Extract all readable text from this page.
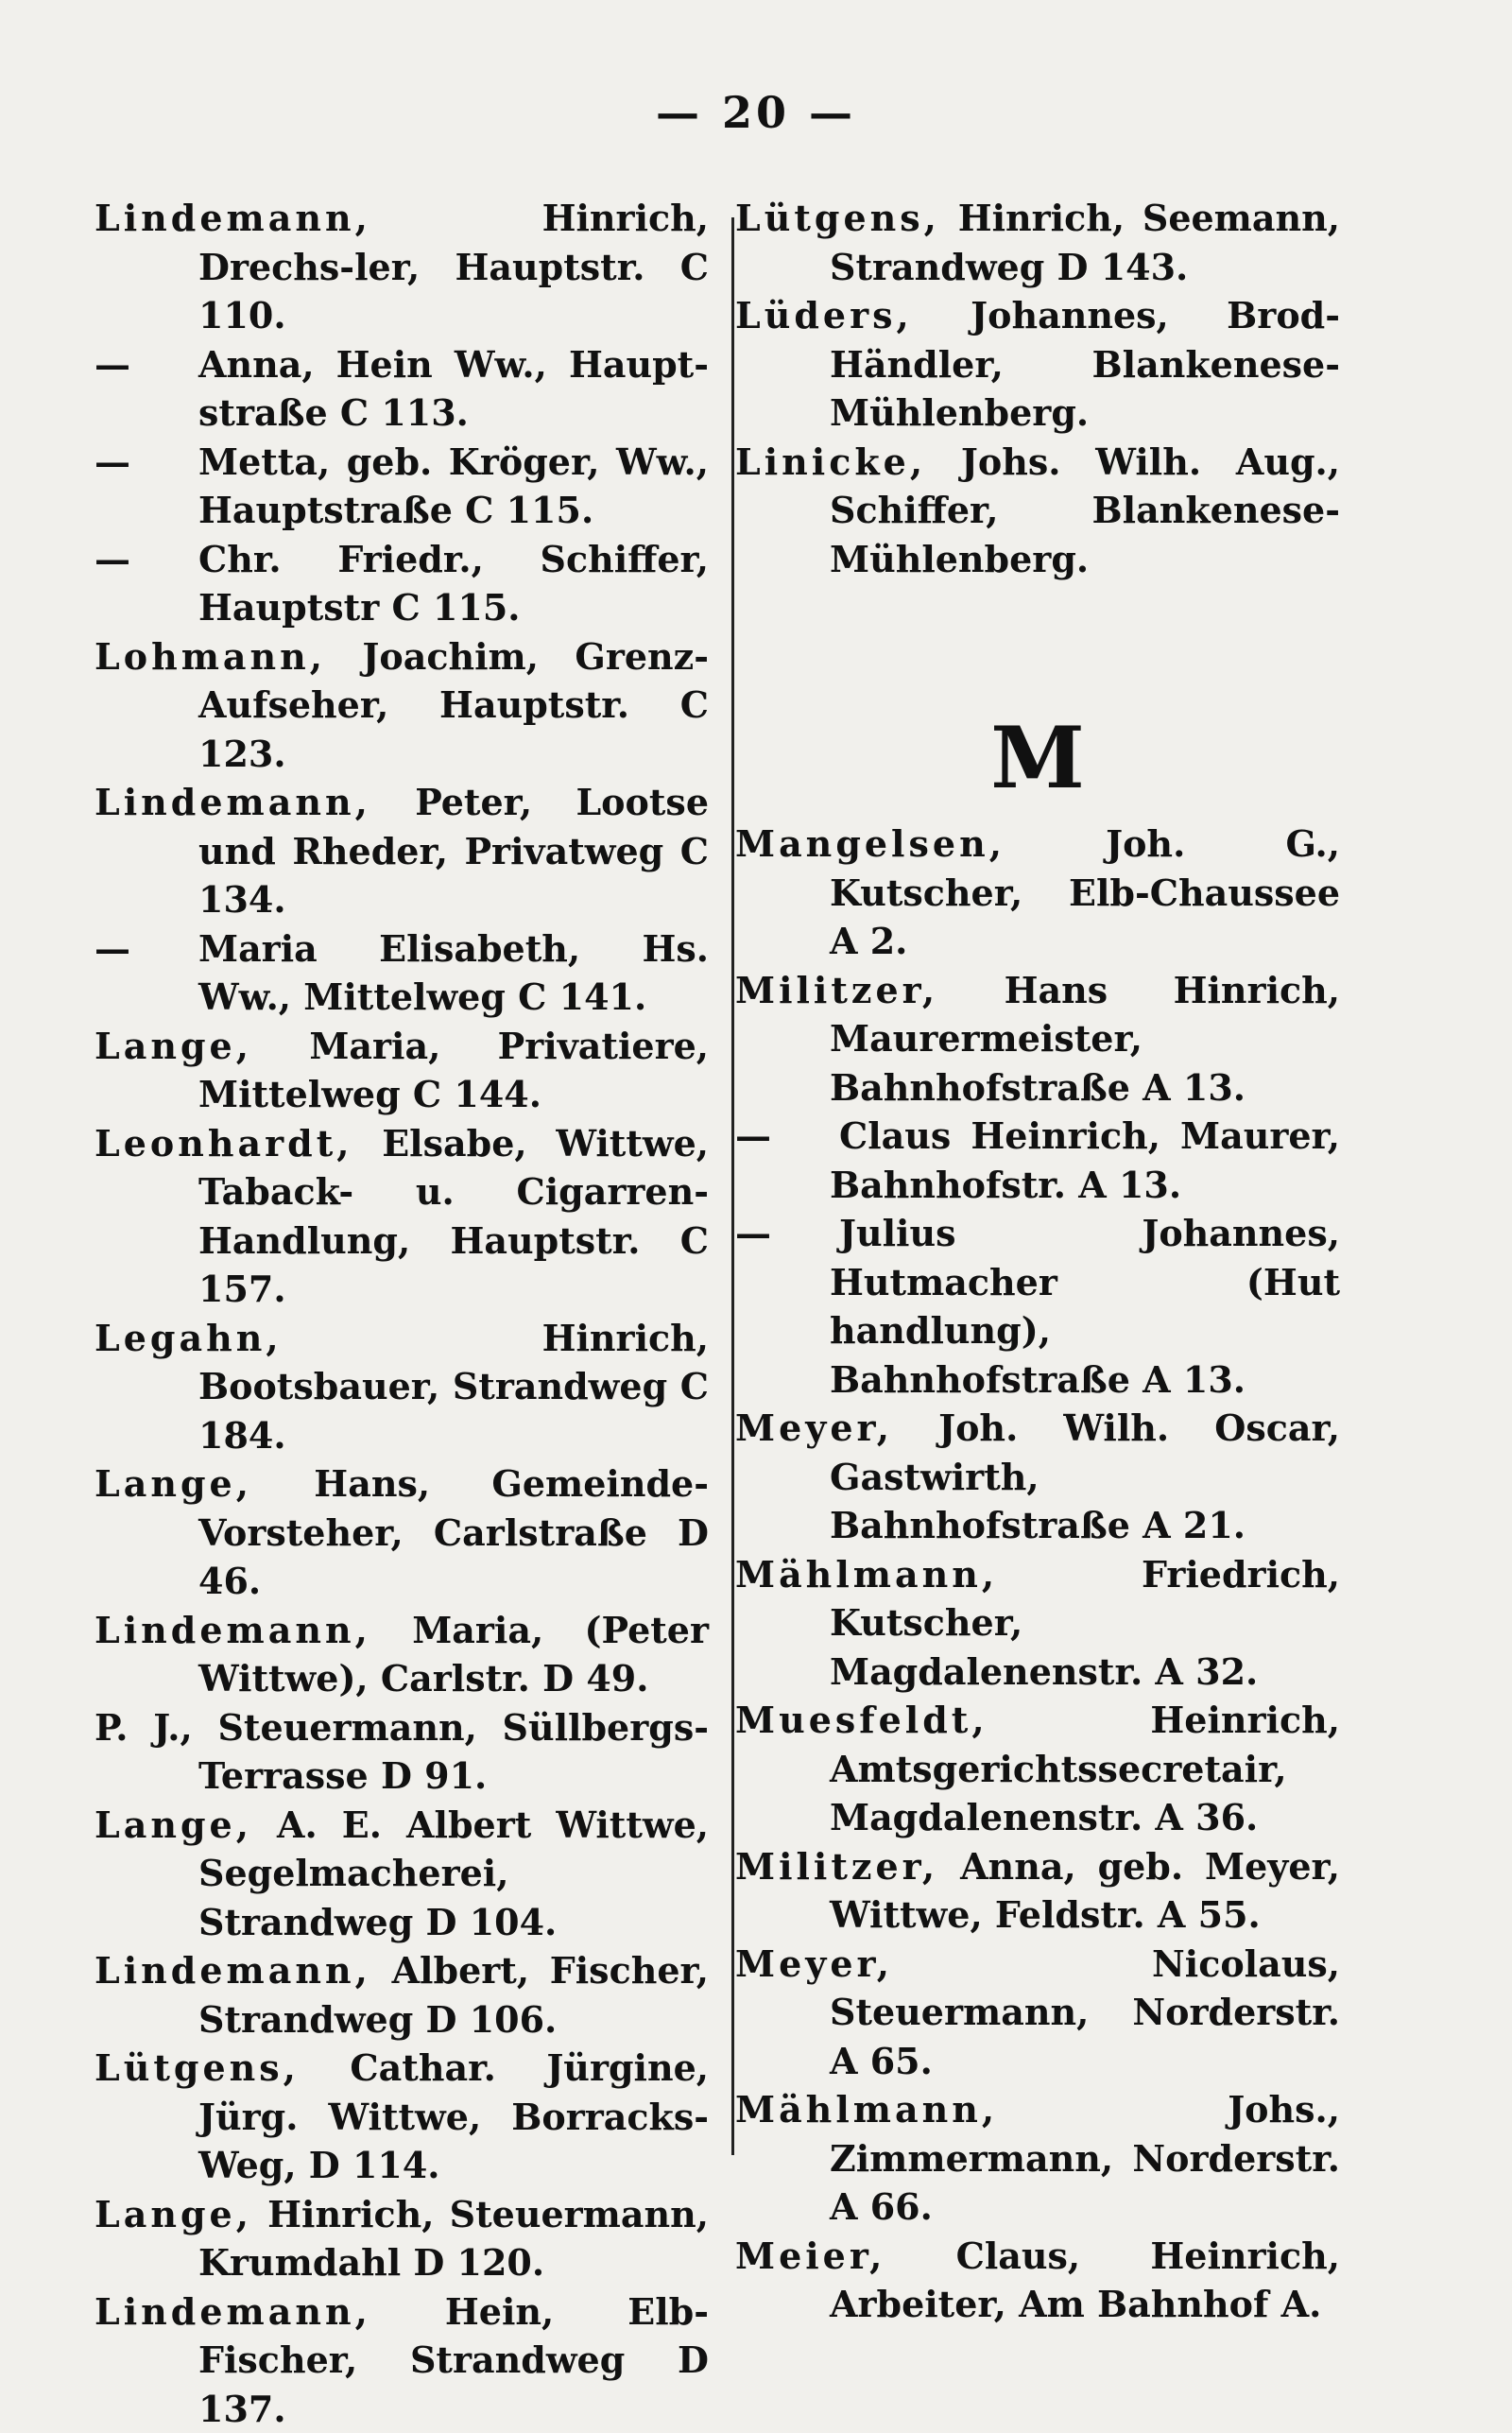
— 20 —
Lindemann,	Hinrich, Drechs-ler, Hauptstr. C 110.
— Anna, Hein Ww., Haupt-straße C 113.
— Metta, geb. Kröger, Ww., Hauptstraße C 115.
— Chr. Friedr., Schiffer, Hauptstr C 115.
Lohmann, Joachim, Grenz-Aufseher, Hauptstr. C 123.
Lindemann, Peter, Lootse und Rheder, Privatweg C 134.
— Maria Elisabeth, Hs. Ww., Mittelweg C 141.
Lange, Maria, Privatiere, Mittelweg C 144.
Leonhardt, Elsabe, Wittwe, Taback- u. Cigarren-Handlung, Hauptstr. C 157.
Legahn,	Hinrich, Bootsbauer, Strandweg C 184.
Lange, Hans, Gemeinde-Vorsteher, Carlstraße D 46.
Lindemann, Maria, (Peter Wittwe), Carlstr. D 49.
P. J., Steuermann, Süllbergs-Terrasse D 91.
Lange, A. E. Albert Wittwe, Segelmacherei, Strandweg D 104.
Lindemann, Albert, Fischer, Strandweg D 106.
Lütgens, Cathar. Jürgine, Jürg. Wittwe, Borracks-Weg, D 114.
Lange, Hinrich, Steuermann, Krumdahl D 120.
Lindemann, Hein, Elb-Fischer, Strandweg D 137.
Lütgens, Hinrich, Seemann, Strandweg D 143.
Lüders, Johannes, Brod-Händler, Blankenese-Mühlenberg.
Linicke, Johs. Wilh. Aug., Schiffer, Blankenese-Mühlenberg.
M
Mangelsen,	Joh. G., Kutscher, Elb-Chaussee A 2.
Militzer, Hans Hinrich, Maurermeister, Bahnhofstraße A 13.
— Claus Heinrich, Maurer, Bahnhofstr. A 13.
— Julius Johannes, Hutmacher (Hut handlung), Bahnhofstraße A 13.
Meyer, Joh. Wilh. Oscar, Gastwirth, Bahnhofstraße A 21.
Mählmann,	Friedrich, Kutscher, Magdalenenstr. A 32.
Muesfeldt,	Heinrich, Amtsgerichtssecretair, Magdalenenstr. A 36.
Militzer, Anna, geb. Meyer, Wittwe, Feldstr. A 55.
Meyer,	Nicolaus, Steuermann, Norderstr. A 65.
Mählmann,	Johs., Zimmermann, Norderstr. A 66.
Meier, Claus, Heinrich, Arbeiter, Am Bahnhof A.
